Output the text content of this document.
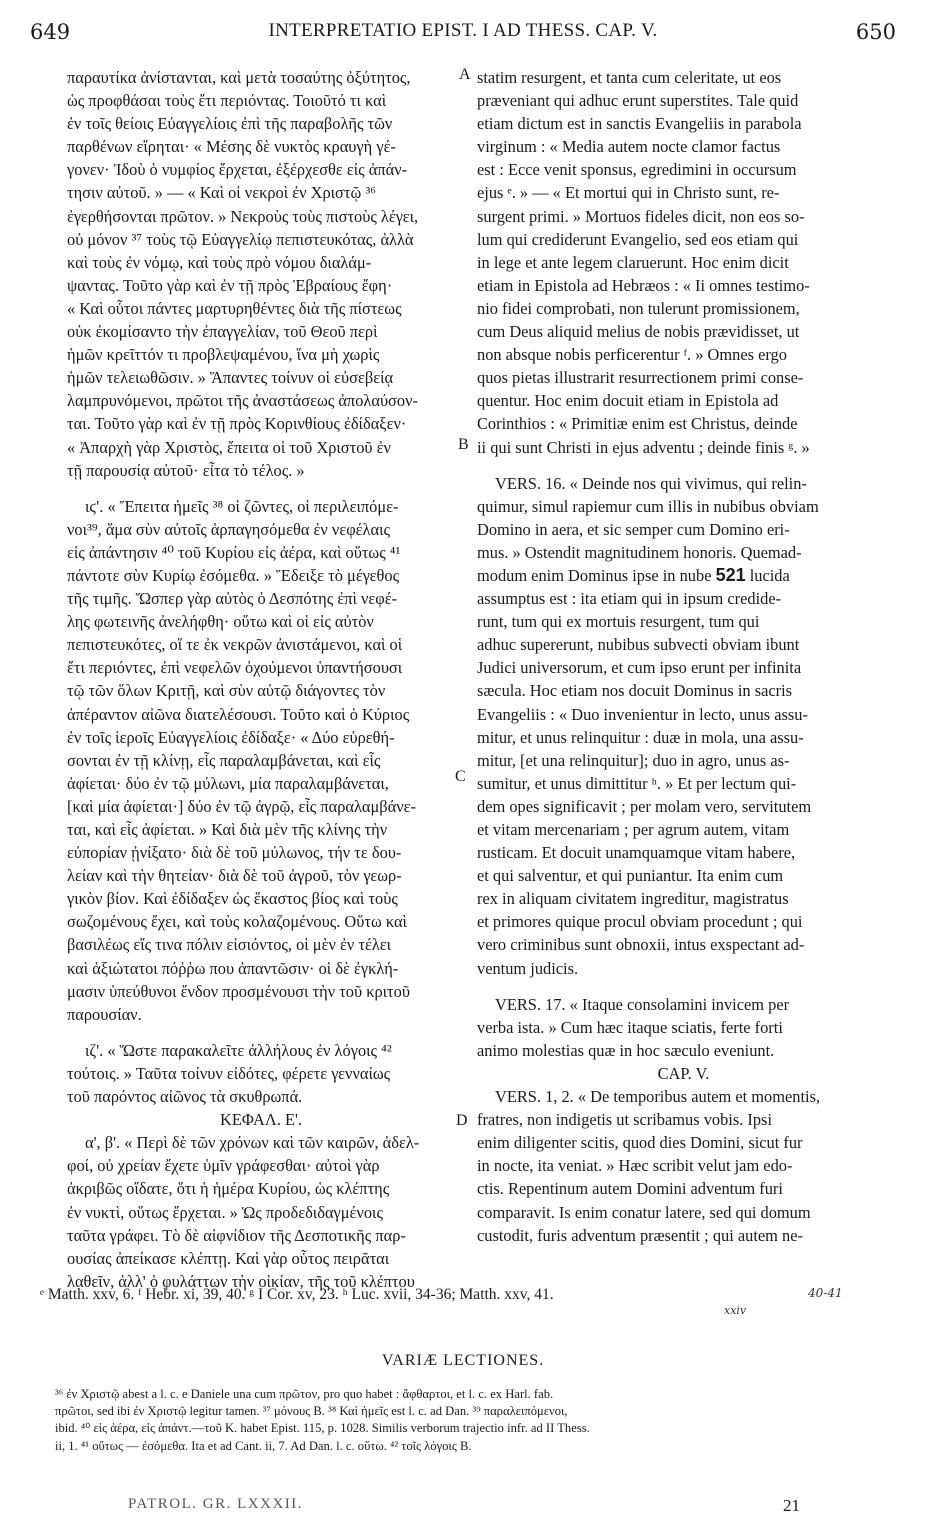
649	INTERPRETATIO EPIST. I AD THESS. CAP. V.	650
A
B
C
D
παραυτίκα ἀνίστανται, καὶ μετὰ τοσαύτης ὀξύτητος,
ὡς προφθάσαι τοὺς ἔτι περιόντας. Τοιοῦτό τι καὶ
ἐν τοῖς θείοις Εὐαγγελίοις ἐπὶ τῆς παραβολῆς τῶν
παρθένων εἴρηται· « Μέσης δὲ νυκτὸς κραυγὴ γέ-
γονεν· Ἰδοὺ ὁ νυμφίος ἔρχεται, ἐξέρχεσθε εἰς ἀπάν-
τησιν αὐτοῦ. » — « Καὶ οἱ νεκροὶ ἐν Χριστῷ ³⁶
ἐγερθήσονται πρῶτον. » Νεκροὺς τοὺς πιστοὺς λέγει,
οὐ μόνον ³⁷ τοὺς τῷ Εὐαγγελίῳ πεπιστευκότας, ἀλλὰ
καὶ τοὺς ἐν νόμῳ, καὶ τοὺς πρὸ νόμου διαλάμ-
ψαντας. Τοῦτο γὰρ καὶ ἐν τῇ πρὸς Ἑβραίους ἔφη·
« Καὶ οὗτοι πάντες μαρτυρηθέντες διὰ τῆς πίστεως
οὐκ ἐκομίσαντο τὴν ἐπαγγελίαν, τοῦ Θεοῦ περὶ
ἡμῶν κρεῖττόν τι προβλεψαμένου, ἵνα μὴ χωρὶς
ἡμῶν τελειωθῶσιν. » Ἅπαντες τοίνυν οἱ εὐσεβείᾳ
λαμπρυνόμενοι, πρῶτοι τῆς ἀναστάσεως ἀπολαύσον-
ται. Τοῦτο γὰρ καὶ ἐν τῇ πρὸς Κορινθίους ἐδίδαξεν·
« Ἀπαρχὴ γὰρ Χριστὸς, ἔπειτα οἱ τοῦ Χριστοῦ ἐν
τῇ παρουσίᾳ αὐτοῦ· εἶτα τὸ τέλος. »
ιϛ'. « Ἔπειτα ἡμεῖς ³⁸ οἱ ζῶντες, οἱ περιλειπόμε-
νοι³⁹, ἅμα σὺν αὐτοῖς ἁρπαγησόμεθα ἐν νεφέλαις
εἰς ἀπάντησιν ⁴⁰ τοῦ Κυρίου εἰς ἀέρα, καὶ οὕτως ⁴¹
πάντοτε σὺν Κυρίῳ ἐσόμεθα. » Ἔδειξε τὸ μέγεθος
τῆς τιμῆς. Ὥσπερ γὰρ αὐτὸς ὁ Δεσπότης ἐπὶ νεφέ-
λης φωτεινῆς ἀνελήφθη· οὕτω καὶ οἱ εἰς αὐτὸν
πεπιστευκότες, οἵ τε ἐκ νεκρῶν ἀνιστάμενοι, καὶ οἱ
ἔτι περιόντες, ἐπὶ νεφελῶν ὀχούμενοι ὑπαντήσουσι
τῷ τῶν ὅλων Κριτῇ, καὶ σὺν αὐτῷ διάγοντες τὸν
ἀπέραντον αἰῶνα διατελέσουσι. Τοῦτο καὶ ὁ Κύριος
ἐν τοῖς ἱεροῖς Εὐαγγελίοις ἐδίδαξε· « Δύο εὑρεθή-
σονται ἐν τῇ κλίνῃ, εἷς παραλαμβάνεται, καὶ εἷς
ἀφίεται· δύο ἐν τῷ μύλωνι, μία παραλαμβάνεται,
[καὶ μία ἀφίεται·] δύο ἐν τῷ ἀγρῷ, εἷς παραλαμβάνε-
ται, καὶ εἷς ἀφίεται. » Καὶ διὰ μὲν τῆς κλίνης τὴν
εὐπορίαν ᾐνίξατο· διὰ δὲ τοῦ μύλωνος, τήν τε δου-
λείαν καὶ τὴν θητείαν· διὰ δὲ τοῦ ἀγροῦ, τὸν γεωρ-
γικὸν βίον. Καὶ ἐδίδαξεν ὡς ἕκαστος βίος καὶ τοὺς
σωζομένους ἔχει, καὶ τοὺς κολαζομένους. Οὕτω καὶ
βασιλέως εἴς τινα πόλιν εἰσιόντος, οἱ μὲν ἐν τέλει
καὶ ἀξιώτατοι πόῤῥω που ἀπαντῶσιν· οἱ δὲ ἐγκλή-
μασιν ὑπεύθυνοι ἔνδον προσμένουσι τὴν τοῦ κριτοῦ
παρουσίαν.
ιζ'. « Ὥστε παρακαλεῖτε ἀλλήλους ἐν λόγοις ⁴²
τούτοις. » Ταῦτα τοίνυν εἰδότες, φέρετε γενναίως
τοῦ παρόντος αἰῶνος τὰ σκυθρωπά.
ΚΕΦΑΛ. Ε'.
α', β'. « Περὶ δὲ τῶν χρόνων καὶ τῶν καιρῶν, ἀδελ-
φοί, οὐ χρείαν ἔχετε ὑμῖν γράφεσθαι· αὐτοὶ γὰρ
ἀκριβῶς οἴδατε, ὅτι ἡ ἡμέρα Κυρίου, ὡς κλέπτης
ἐν νυκτὶ, οὕτως ἔρχεται. » Ὡς προδεδιδαγμένοις
ταῦτα γράφει. Τὸ δὲ αἰφνίδιον τῆς Δεσποτικῆς παρ-
ουσίας ἀπείκασε κλέπτῃ. Καὶ γὰρ οὗτος πειρᾶται
λαθεῖν, ἀλλ' ὁ φυλάττων τὴν οἰκίαν, τῆς τοῦ κλέπτου
statim resurgent, et tanta cum celeritate, ut eos
præveniant qui adhuc erunt superstites. Tale quid
etiam dictum est in sanctis Evangeliis in parabola
virginum : « Media autem nocte clamor factus
est : Ecce venit sponsus, egredimini in occursum
ejus ᵉ. » — « Et mortui qui in Christo sunt, re-
surgent primi. » Mortuos fideles dicit, non eos so-
lum qui crediderunt Evangelio, sed eos etiam qui
in lege et ante legem claruerunt. Hoc enim dicit
etiam in Epistola ad Hebræos : « Ii omnes testimo-
nio fidei comprobati, non tulerunt promissionem,
cum Deus aliquid melius de nobis prævidisset, ut
non absque nobis perficerentur ᶠ. » Omnes ergo
quos pietas illustrarit resurrectionem primi conse-
quentur. Hoc enim docuit etiam in Epistola ad
Corinthios : « Primitiæ enim est Christus, deinde
ii qui sunt Christi in ejus adventu ; deinde finis ᵍ. »
VERS. 16. « Deinde nos qui vivimus, qui relin-
quimur, simul rapiemur cum illis in nubibus obviam
Domino in aera, et sic semper cum Domino eri-
mus. » Ostendit magnitudinem honoris. Quemad-
modum enim Dominus ipse in nube 521 lucida
assumptus est : ita etiam qui in ipsum credide-
runt, tum qui ex mortuis resurgent, tum qui
adhuc supererunt, nubibus subvecti obviam ibunt
Judici universorum, et cum ipso erunt per infinita
sæcula. Hoc etiam nos docuit Dominus in sacris
Evangeliis : « Duo invenientur in lecto, unus assu-
mitur, et unus relinquitur : duæ in mola, una assu-
mitur, [et una relinquitur]; duo in agro, unus as-
sumitur, et unus dimittitur ʰ. » Et per lectum qui-
dem opes significavit ; per molam vero, servitutem
et vitam mercenariam ; per agrum autem, vitam
rusticam. Et docuit unamquamque vitam habere,
et qui salventur, et qui puniantur. Ita enim cum
rex in aliquam civitatem ingreditur, magistratus
et primores quique procul obviam procedunt ; qui
vero criminibus sunt obnoxii, intus exspectant ad-
ventum judicis.
VERS. 17. « Itaque consolamini invicem per
verba ista. » Cum hæc itaque sciatis, ferte forti
animo molestias quæ in hoc sæculo eveniunt.
CAP. V.
VERS. 1, 2. « De temporibus autem et momentis,
fratres, non indigetis ut scribamus vobis. Ipsi
enim diligenter scitis, quod dies Domini, sicut fur
in nocte, ita veniat. » Hæc scribit velut jam edo-
ctis. Repentinum autem Domini adventum furi
comparavit. Is enim conatur latere, sed qui domum
custodit, furis adventum præsentit ; qui autem ne-
ᵉ Matth. xxv, 6. ᶠ Hebr. xi, 39, 40. ᵍ I Cor. xv, 23. ʰ Luc. xvii, 34-36; Matth. xxv, 41.	40-41
xxiv
VARIÆ LECTIONES.
³⁶ ἐν Χριστῷ abest a l. c. e Daniele una cum πρῶτον, pro quo habet : ἄφθαρτοι, et l. c. ex Harl. fab.
πρῶτοι, sed ibi ἐν Χριστῷ legitur tamen. ³⁷ μόνους B. ³⁸ Καὶ ἡμεῖς est l. c. ad Dan. ³⁹ παραλειπόμενοι,
ibid. ⁴⁰ εἰς ἀέρα, εἰς ἀπάντ.—τοῦ K. habet Epist. 115, p. 1028. Similis verborum trajectio infr. ad II Thess.
ii, 1. ⁴¹ οὕτως — ἐσόμεθα. Ita et ad Cant. ii, 7. Ad Dan. l. c. οὕτω. ⁴² τοῖς λόγοις B.
PATROL. GR. LXXXII.	21
